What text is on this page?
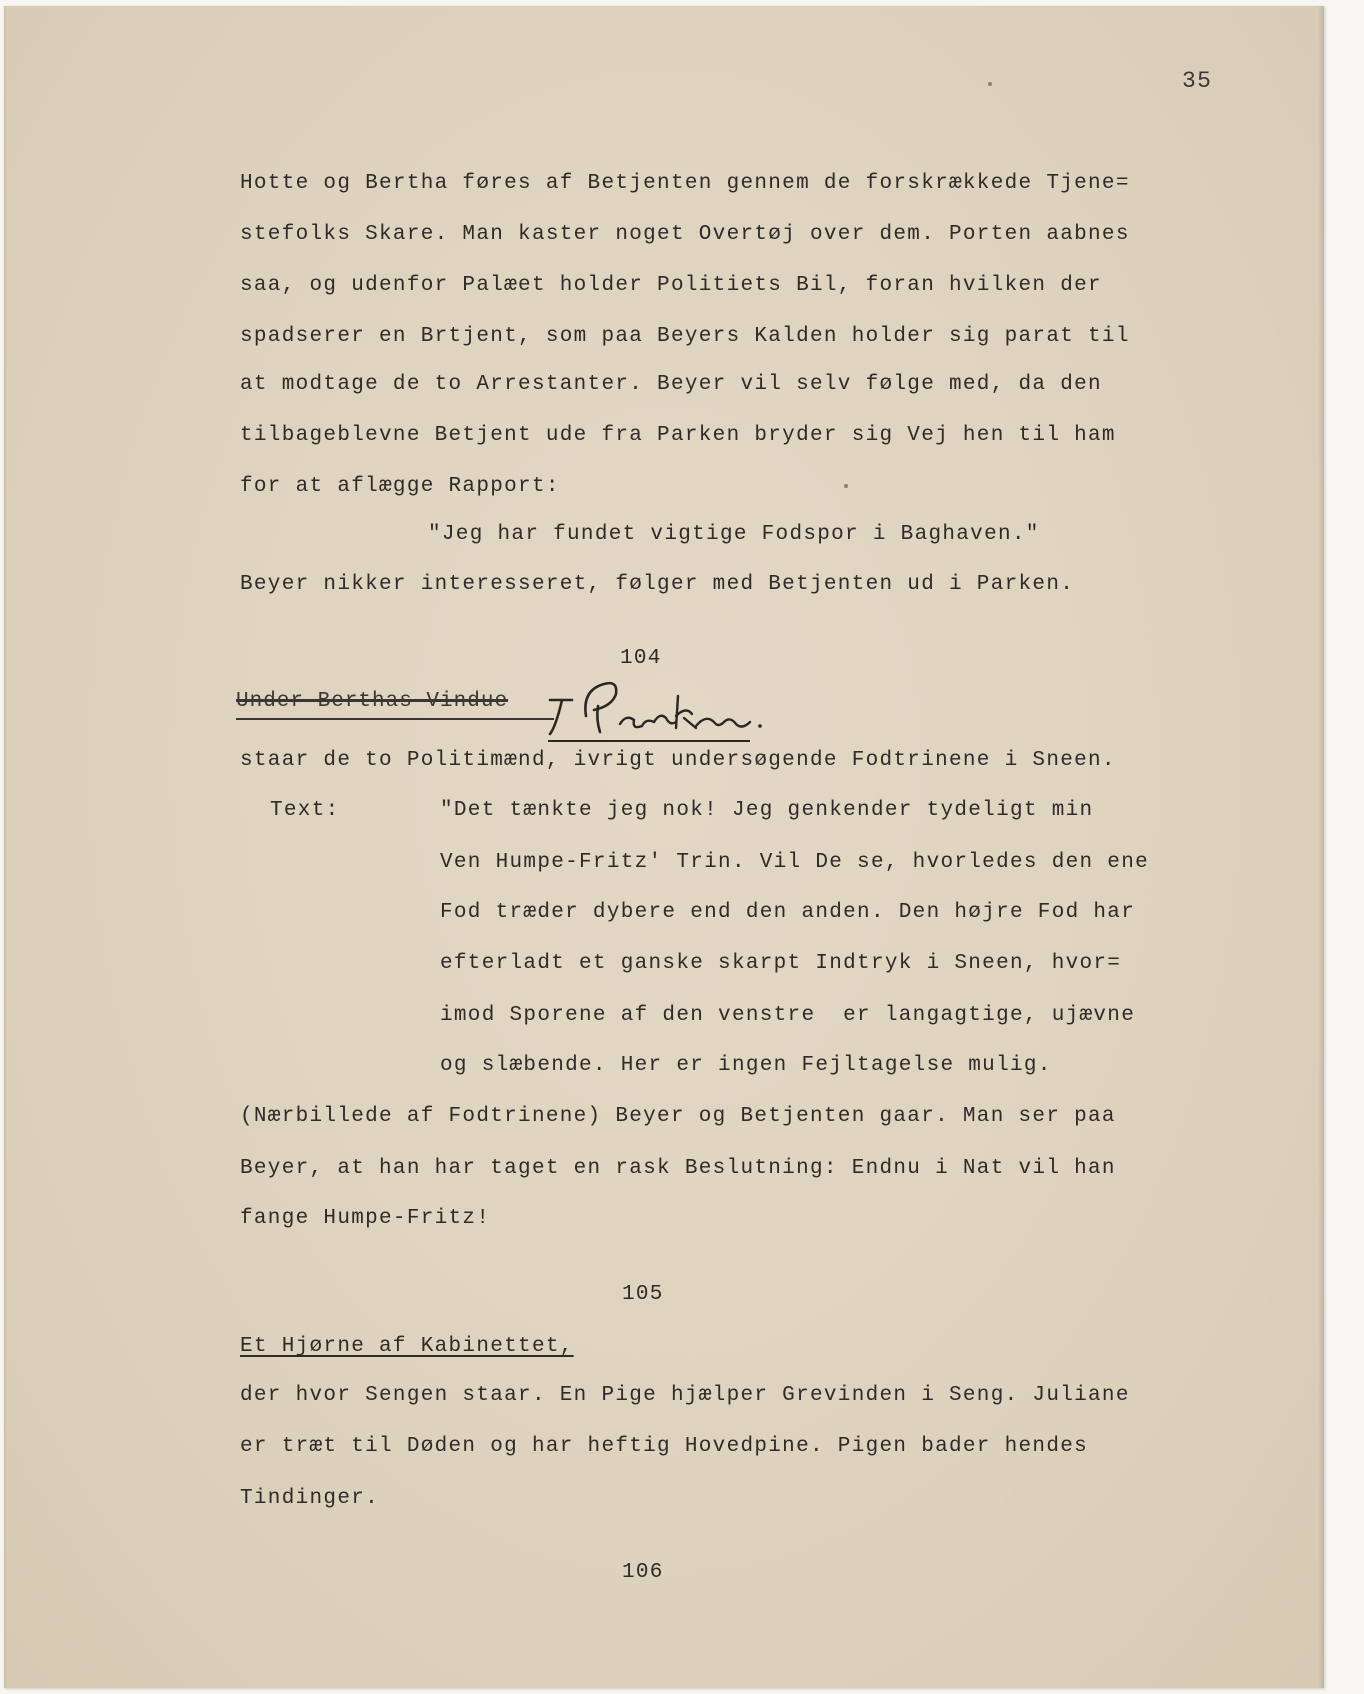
35
Hotte og Bertha føres af Betjenten gennem de forskrækkede Tjene=
stefolks Skare. Man kaster noget Overtøj over dem. Porten aabnes
saa, og udenfor Palæet holder Politiets Bil, foran hvilken der
spadserer en Brtjent, som paa Beyers Kalden holder sig parat til
at modtage de to Arrestanter. Beyer vil selv følge med, da den
tilbageblevne Betjent ude fra Parken bryder sig Vej hen til ham
for at aflægge Rapport:
"Jeg har fundet vigtige Fodspor i Baghaven."
Beyer nikker interesseret, følger med Betjenten ud i Parken.
104
Under Berthas Vindue
staar de to Politimænd, ivrigt undersøgende Fodtrinene i Sneen.
Text:	"Det tænkte jeg nok! Jeg genkender tydeligt min
Ven Humpe-Fritz' Trin. Vil De se, hvorledes den ene
Fod træder dybere end den anden. Den højre Fod har
efterladt et ganske skarpt Indtryk i Sneen, hvor=
imod Sporene af den venstre  er langagtige, ujævne
og slæbende. Her er ingen Fejltagelse mulig.
(Nærbillede af Fodtrinene) Beyer og Betjenten gaar. Man ser paa
Beyer, at han har taget en rask Beslutning: Endnu i Nat vil han
fange Humpe-Fritz!
105
Et Hjørne af Kabinettet,
der hvor Sengen staar. En Pige hjælper Grevinden i Seng. Juliane
er træt til Døden og har heftig Hovedpine. Pigen bader hendes
Tindinger.
106
